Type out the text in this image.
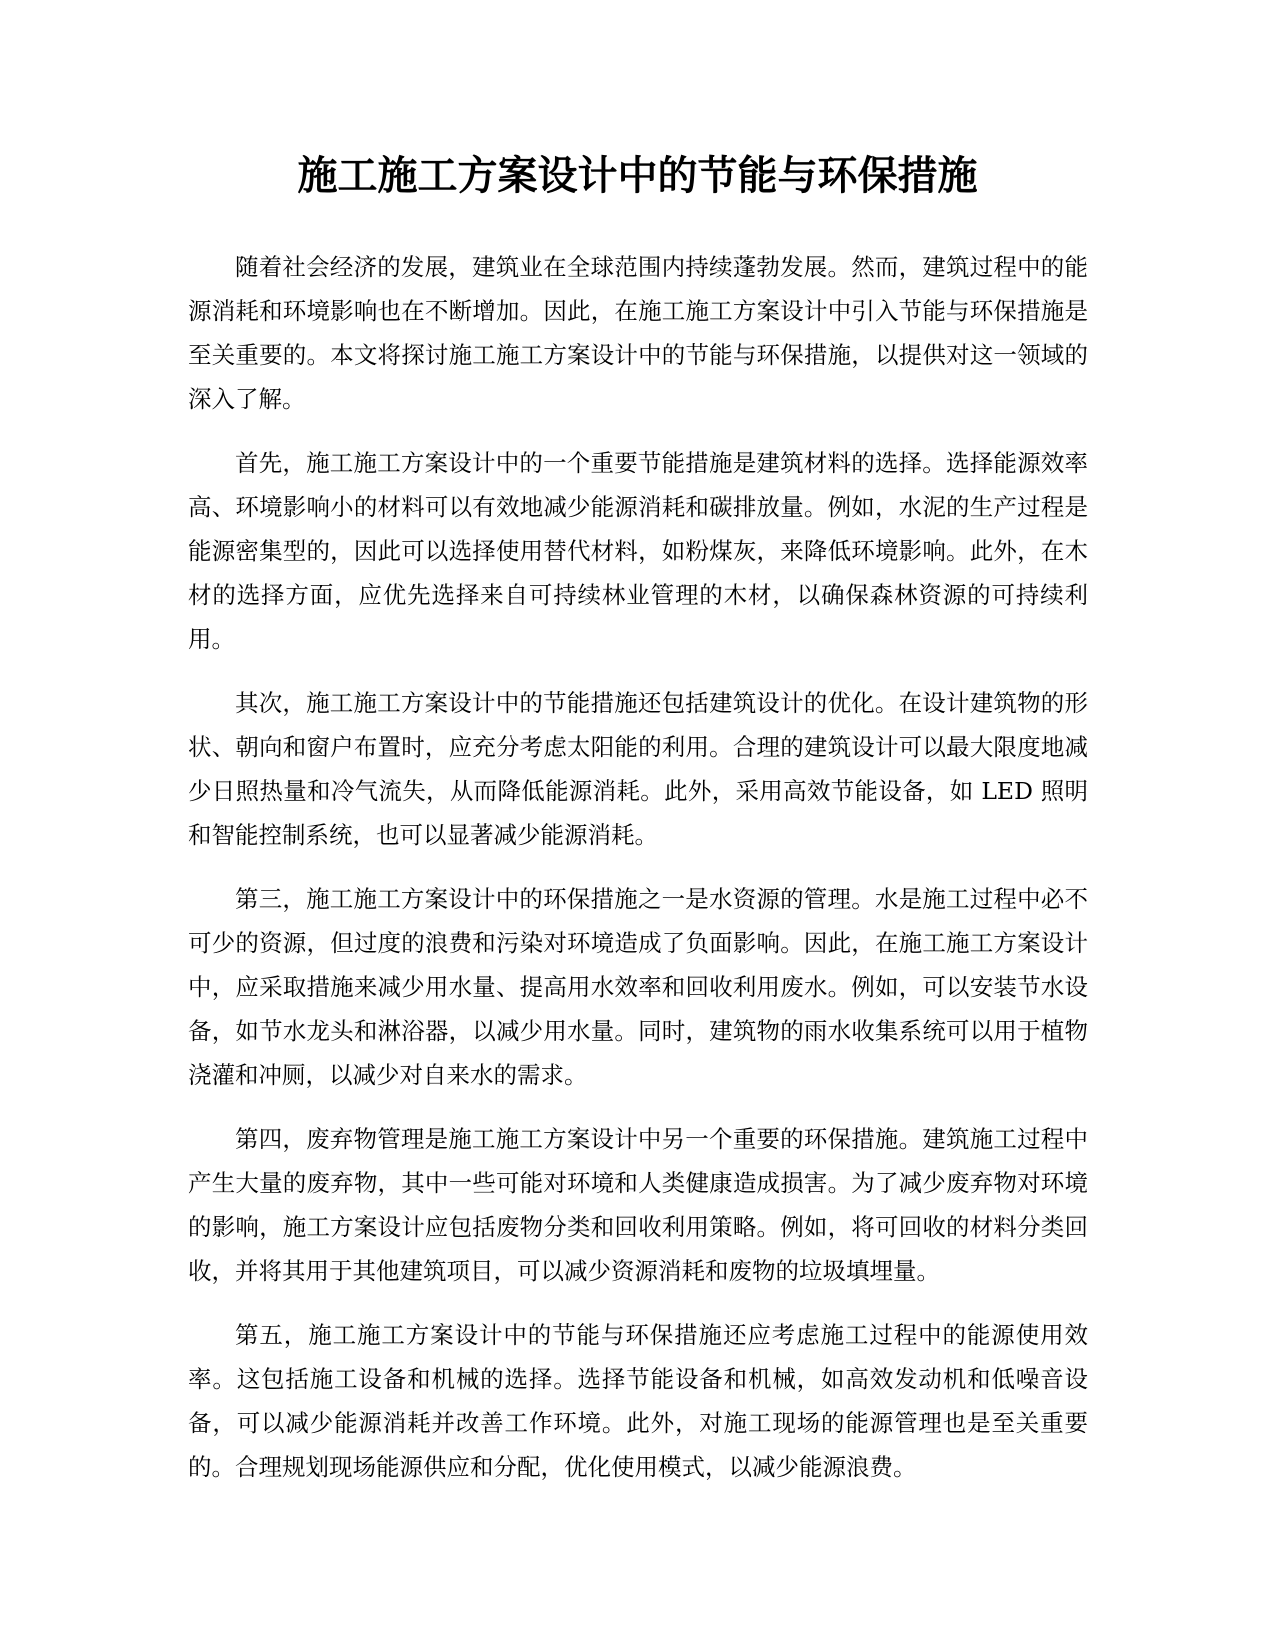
施工施工方案设计中的节能与环保措施

随着社会经济的发展，建筑业在全球范围内持续蓬勃发展。然而，建筑过程中的能源消耗和环境影响也在不断增加。因此，在施工施工方案设计中引入节能与环保措施是至关重要的。本文将探讨施工施工方案设计中的节能与环保措施，以提供对这一领域的深入了解。

首先，施工施工方案设计中的一个重要节能措施是建筑材料的选择。选择能源效率高、环境影响小的材料可以有效地减少能源消耗和碳排放量。例如，水泥的生产过程是能源密集型的，因此可以选择使用替代材料，如粉煤灰，来降低环境影响。此外，在木材的选择方面，应优先选择来自可持续林业管理的木材，以确保森林资源的可持续利用。

其次，施工施工方案设计中的节能措施还包括建筑设计的优化。在设计建筑物的形状、朝向和窗户布置时，应充分考虑太阳能的利用。合理的建筑设计可以最大限度地减少日照热量和冷气流失，从而降低能源消耗。此外，采用高效节能设备，如 LED 照明和智能控制系统，也可以显著减少能源消耗。

第三，施工施工方案设计中的环保措施之一是水资源的管理。水是施工过程中必不可少的资源，但过度的浪费和污染对环境造成了负面影响。因此，在施工施工方案设计中，应采取措施来减少用水量、提高用水效率和回收利用废水。例如，可以安装节水设备，如节水龙头和淋浴器，以减少用水量。同时，建筑物的雨水收集系统可以用于植物浇灌和冲厕，以减少对自来水的需求。

第四，废弃物管理是施工施工方案设计中另一个重要的环保措施。建筑施工过程中产生大量的废弃物，其中一些可能对环境和人类健康造成损害。为了减少废弃物对环境的影响，施工方案设计应包括废物分类和回收利用策略。例如，将可回收的材料分类回收，并将其用于其他建筑项目，可以减少资源消耗和废物的垃圾填埋量。

第五，施工施工方案设计中的节能与环保措施还应考虑施工过程中的能源使用效率。这包括施工设备和机械的选择。选择节能设备和机械，如高效发动机和低噪音设备，可以减少能源消耗并改善工作环境。此外，对施工现场的能源管理也是至关重要的。合理规划现场能源供应和分配，优化使用模式，以减少能源浪费。
